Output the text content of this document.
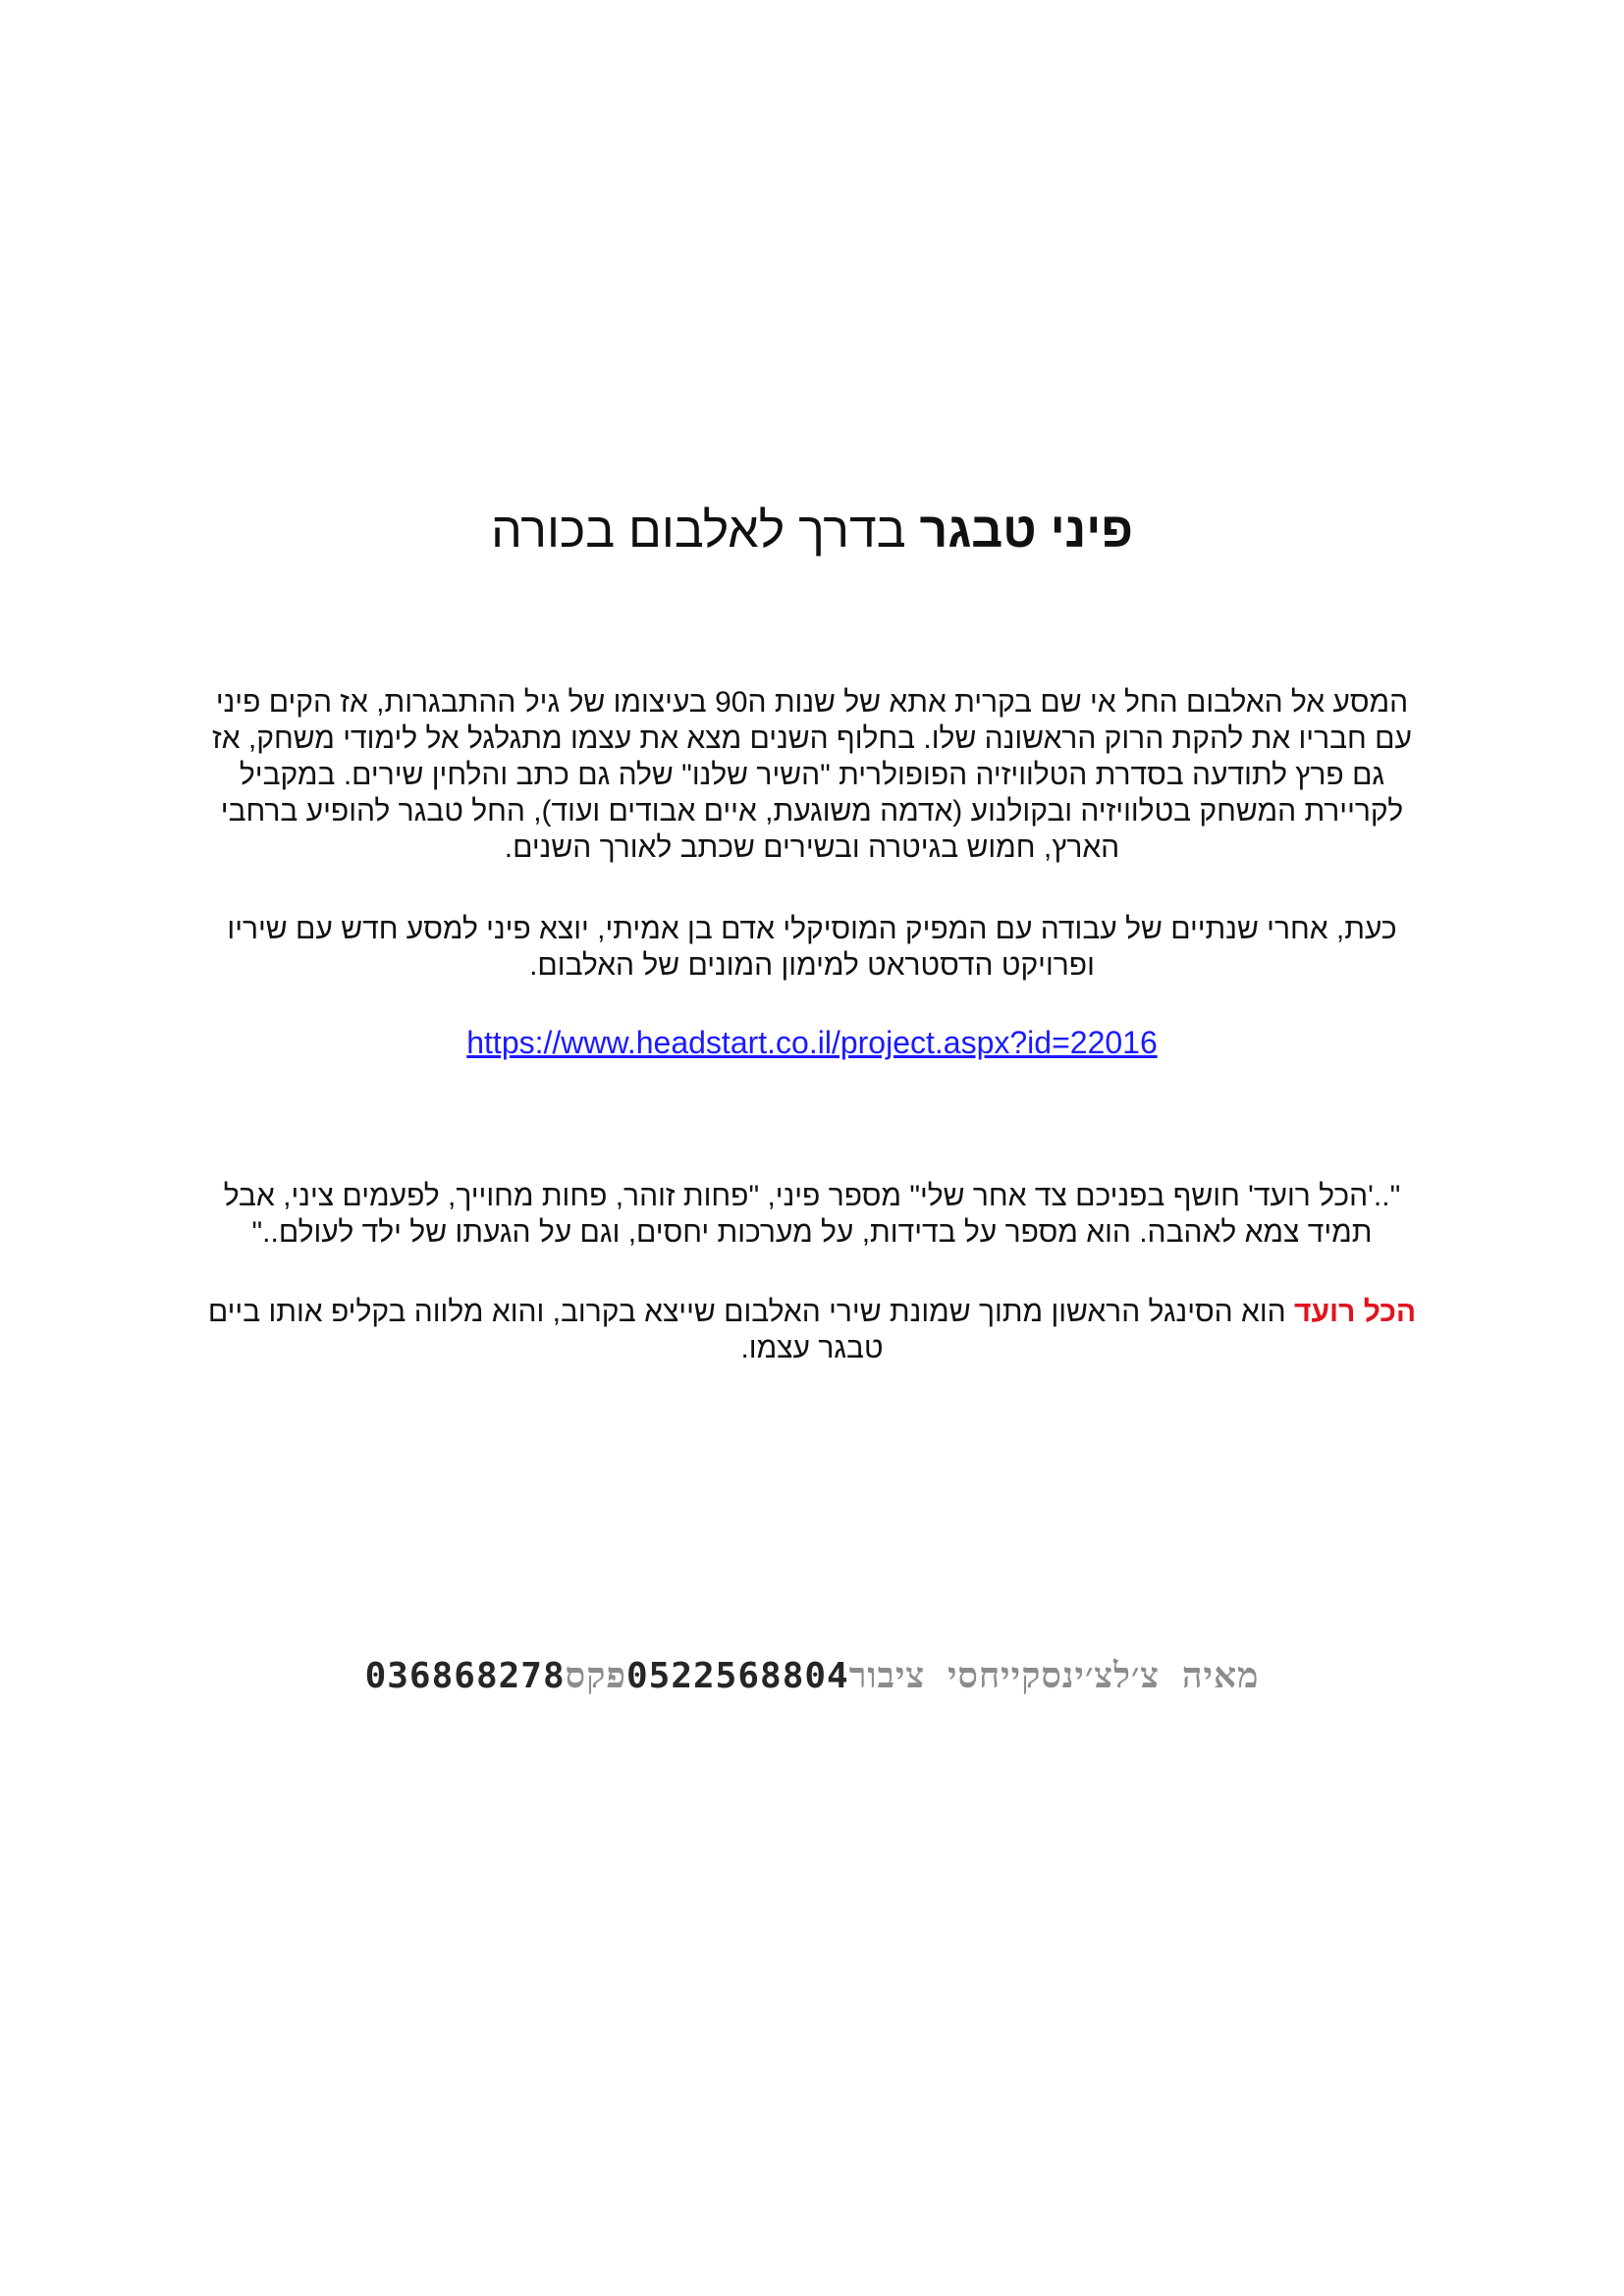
פיני טבגר בדרך לאלבום בכורה

המסע אל האלבום החל אי שם בקרית אתא של שנות ה90 בעיצומו של גיל ההתבגרות, אז הקים פיני עם חבריו את להקת הרוק הראשונה שלו. בחלוף השנים מצא את עצמו מתגלגל אל לימודי משחק, אז גם פרץ לתודעה בסדרת הטלוויזיה הפופולרית "השיר שלנו" שלה גם כתב והלחין שירים. במקביל לקריירת המשחק בטלוויזיה ובקולנוע (אדמה משוגעת, איים אבודים ועוד), החל טבגר להופיע ברחבי הארץ, חמוש בגיטרה ובשירים שכתב לאורך השנים.

כעת, אחרי שנתיים של עבודה עם המפיק המוסיקלי אדם בן אמיתי, יוצא פיני למסע חדש עם שיריו ופרויקט הדסטראט למימון המונים של האלבום.

https://www.headstart.co.il/project.aspx?id=22016

"..'הכל רועד' חושף בפניכם צד אחר שלי" מספר פיני, "פחות זוהר, פחות מחוייך, לפעמים ציני, אבל תמיד צמא לאהבה. הוא מספר על בדידות, על מערכות יחסים, וגם על הגעתו של ילד לעולם.."

הכל רועד הוא הסינגל הראשון מתוך שמונת שירי האלבום שייצא בקרוב, והוא מלווה בקליפ אותו ביים טבגר עצמו.

מאיה צ׳לצ׳ינסקייחסי ציבור0522568804פקס036868278
